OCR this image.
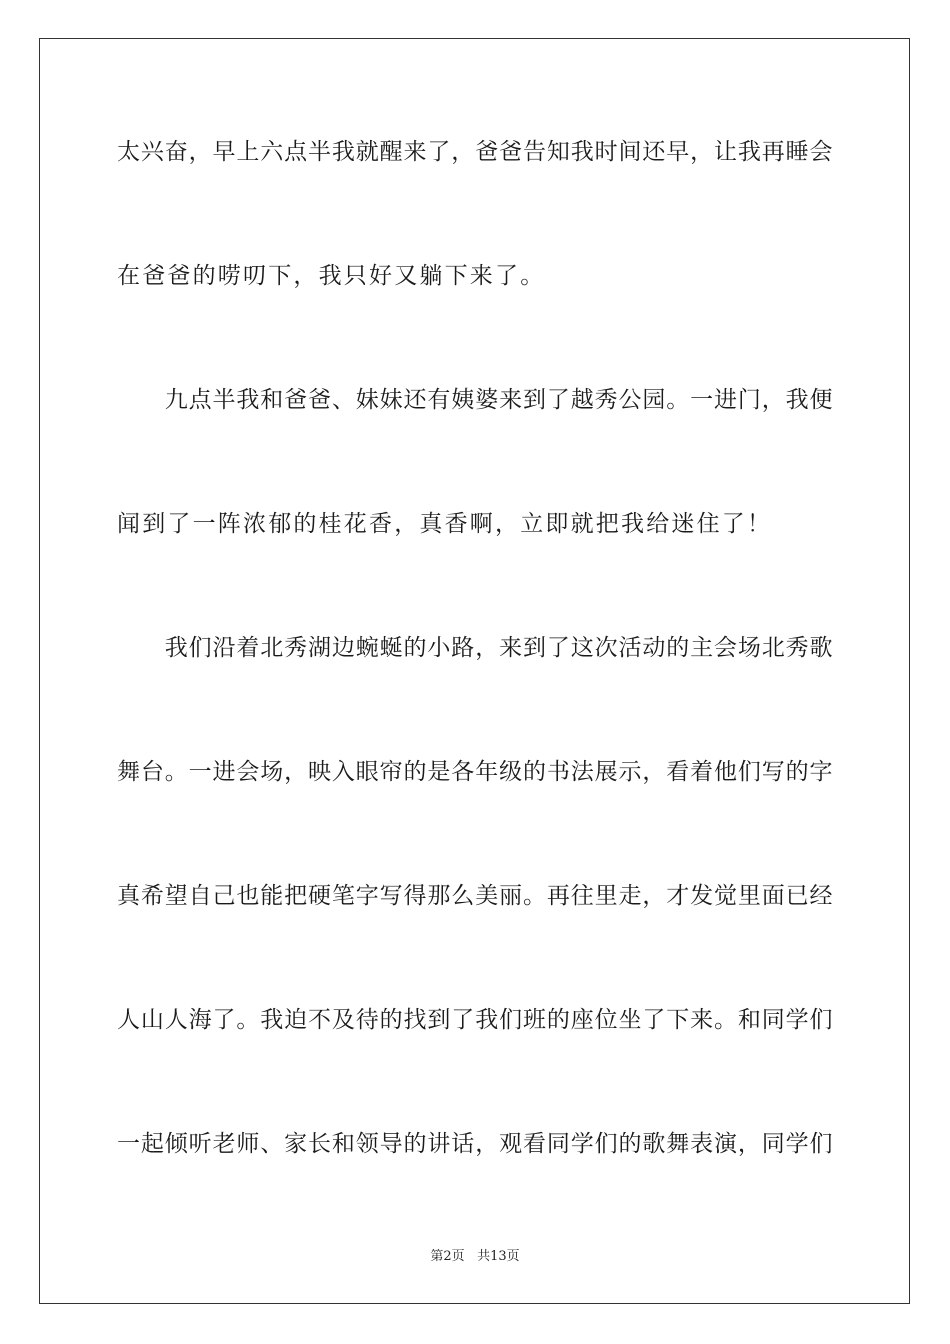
太兴奋，早上六点半我就醒来了，爸爸告知我时间还早，让我再睡会
在爸爸的唠叨下，我只好又躺下来了。
　　九点半我和爸爸、妹妹还有姨婆来到了越秀公园。一进门，我便
闻到了一阵浓郁的桂花香，真香啊，立即就把我给迷住了！
　　我们沿着北秀湖边蜿蜒的小路，来到了这次活动的主会场北秀歌
舞台。一进会场，映入眼帘的是各年级的书法展示，看着他们写的字
真希望自己也能把硬笔字写得那么美丽。再往里走，才发觉里面已经
人山人海了。我迫不及待的找到了我们班的座位坐了下来。和同学们
一起倾听老师、家长和领导的讲话，观看同学们的歌舞表演，同学们
第2页 共13页
